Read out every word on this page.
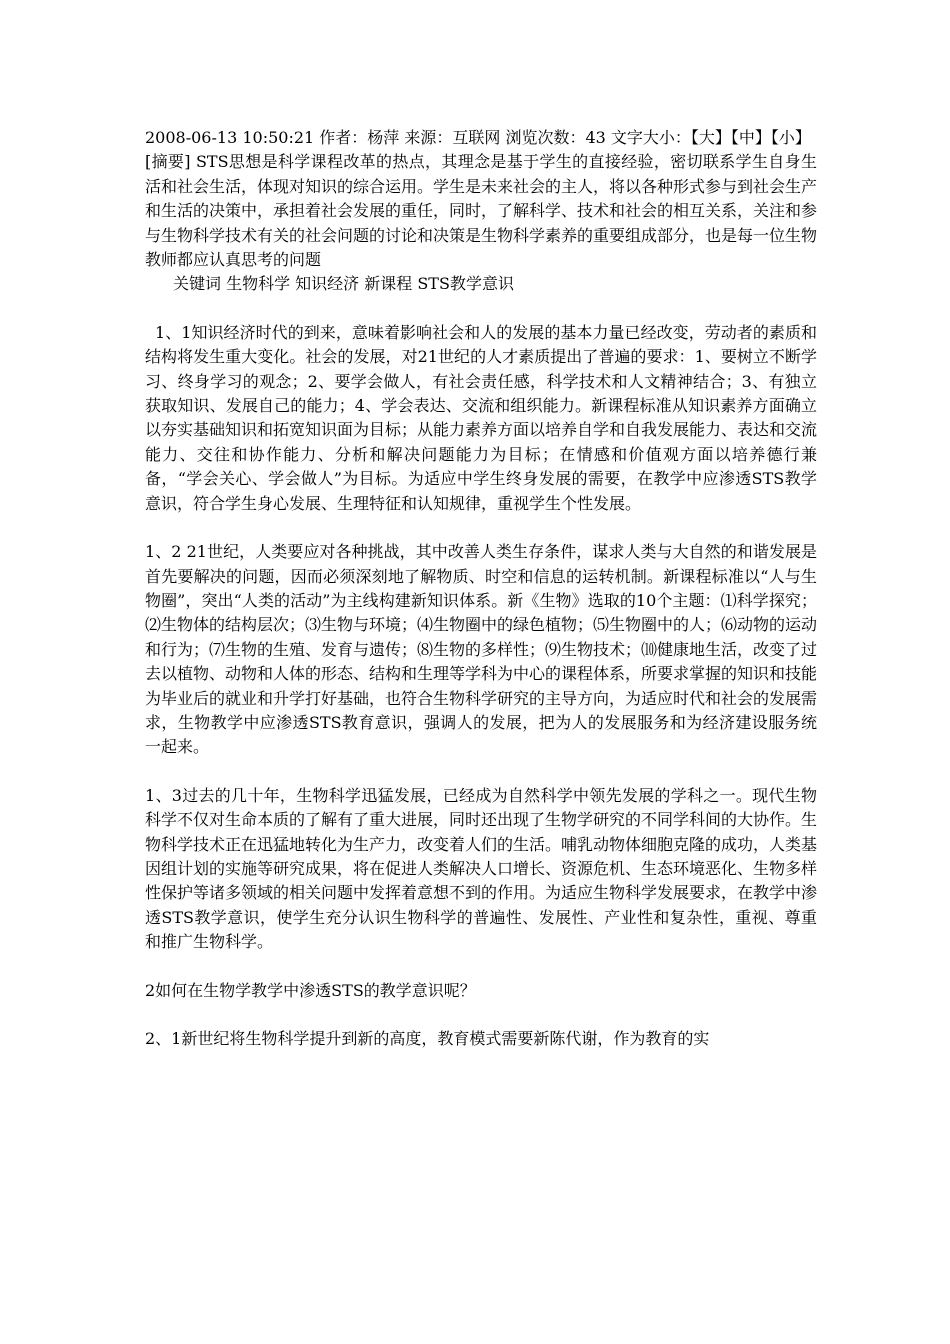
2008-06-13 10:50:21 作者：杨萍 来源：互联网 浏览次数：43 文字大小：【大】【中】【小】

[摘要] STS思想是科学课程改革的热点，其理念是基于学生的直接经验，密切联系学生自身生活和社会生活，体现对知识的综合运用。学生是未来社会的主人，将以各种形式参与到社会生产和生活的决策中，承担着社会发展的重任，同时，了解科学、技术和社会的相互关系，关注和参与生物科学技术有关的社会问题的讨论和决策是生物科学素养的重要组成部分，也是每一位生物教师都应认真思考的问题

关键词 生物科学 知识经济 新课程 STS教学意识

1、1知识经济时代的到来，意味着影响社会和人的发展的基本力量已经改变，劳动者的素质和结构将发生重大变化。社会的发展，对21世纪的人才素质提出了普遍的要求：1、要树立不断学习、终身学习的观念；2、要学会做人，有社会责任感，科学技术和人文精神结合；3、有独立获取知识、发展自己的能力；4、学会表达、交流和组织能力。新课程标准从知识素养方面确立以夯实基础知识和拓宽知识面为目标；从能力素养方面以培养自学和自我发展能力、表达和交流能力、交往和协作能力、分析和解决问题能力为目标；在情感和价值观方面以培养德行兼备，“学会关心、学会做人”为目标。为适应中学生终身发展的需要，在教学中应渗透STS教学意识，符合学生身心发展、生理特征和认知规律，重视学生个性发展。

1、2 21世纪，人类要应对各种挑战，其中改善人类生存条件，谋求人类与大自然的和谐发展是首先要解决的问题，因而必须深刻地了解物质、时空和信息的运转机制。新课程标准以“人与生物圈”，突出“人类的活动”为主线构建新知识体系。新《生物》选取的10个主题：⑴科学探究；⑵生物体的结构层次；⑶生物与环境；⑷生物圈中的绿色植物；⑸生物圈中的人；⑹动物的运动和行为；⑺生物的生殖、发育与遗传；⑻生物的多样性；⑼生物技术；⑽健康地生活，改变了过去以植物、动物和人体的形态、结构和生理等学科为中心的课程体系，所要求掌握的知识和技能为毕业后的就业和升学打好基础，也符合生物科学研究的主导方向，为适应时代和社会的发展需求，生物教学中应渗透STS教育意识，强调人的发展，把为人的发展服务和为经济建设服务统一起来。

1、3过去的几十年，生物科学迅猛发展，已经成为自然科学中领先发展的学科之一。现代生物科学不仅对生命本质的了解有了重大进展，同时还出现了生物学研究的不同学科间的大协作。生物科学技术正在迅猛地转化为生产力，改变着人们的生活。哺乳动物体细胞克隆的成功，人类基因组计划的实施等研究成果，将在促进人类解决人口增长、资源危机、生态环境恶化、生物多样性保护等诸多领域的相关问题中发挥着意想不到的作用。为适应生物科学发展要求，在教学中渗透STS教学意识，使学生充分认识生物科学的普遍性、发展性、产业性和复杂性，重视、尊重和推广生物科学。

2如何在生物学教学中渗透STS的教学意识呢？

2、1新世纪将生物科学提升到新的高度，教育模式需要新陈代谢，作为教育的实
